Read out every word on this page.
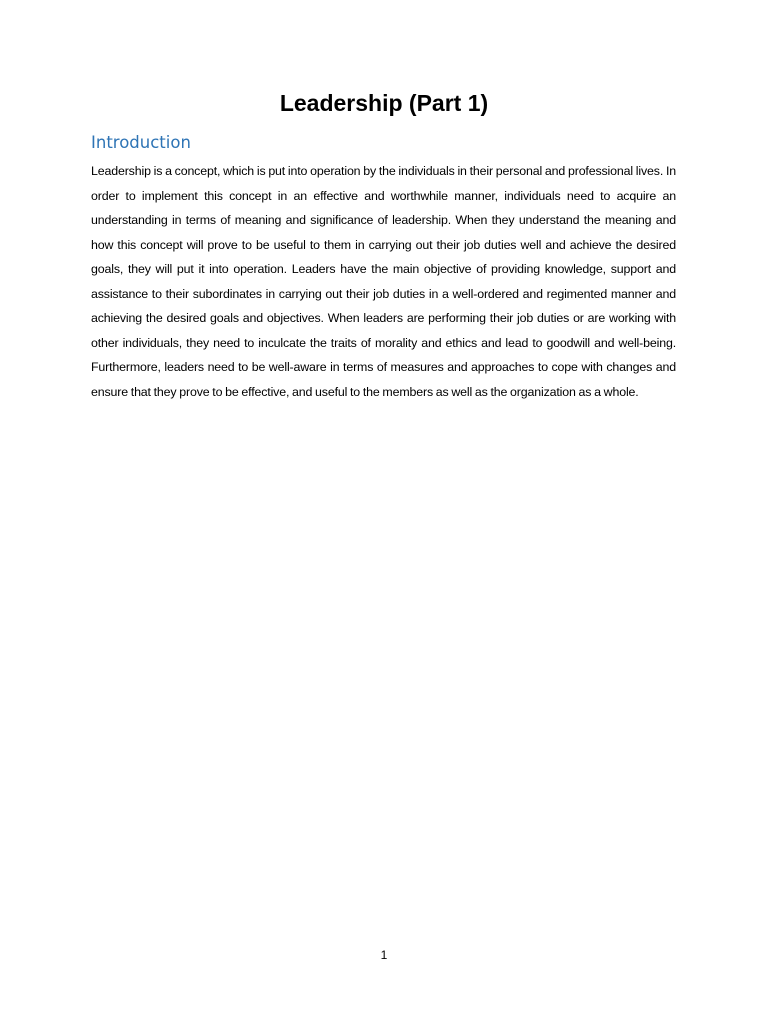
Leadership (Part 1)
Introduction

Leadership is a concept, which is put into operation by the individuals in their personal and professional lives. In order to implement this concept in an effective and worthwhile manner, individuals need to acquire an understanding in terms of meaning and significance of leadership. When they understand the meaning and how this concept will prove to be useful to them in carrying out their job duties well and achieve the desired goals, they will put it into operation. Leaders have the main objective of providing knowledge, support and assistance to their subordinates in carrying out their job duties in a well-ordered and regimented manner and achieving the desired goals and objectives. When leaders are performing their job duties or are working with other individuals, they need to inculcate the traits of morality and ethics and lead to goodwill and well-being. Furthermore, leaders need to be well-aware in terms of measures and approaches to cope with changes and ensure that they prove to be effective, and useful to the members as well as the organization as a whole.

1
